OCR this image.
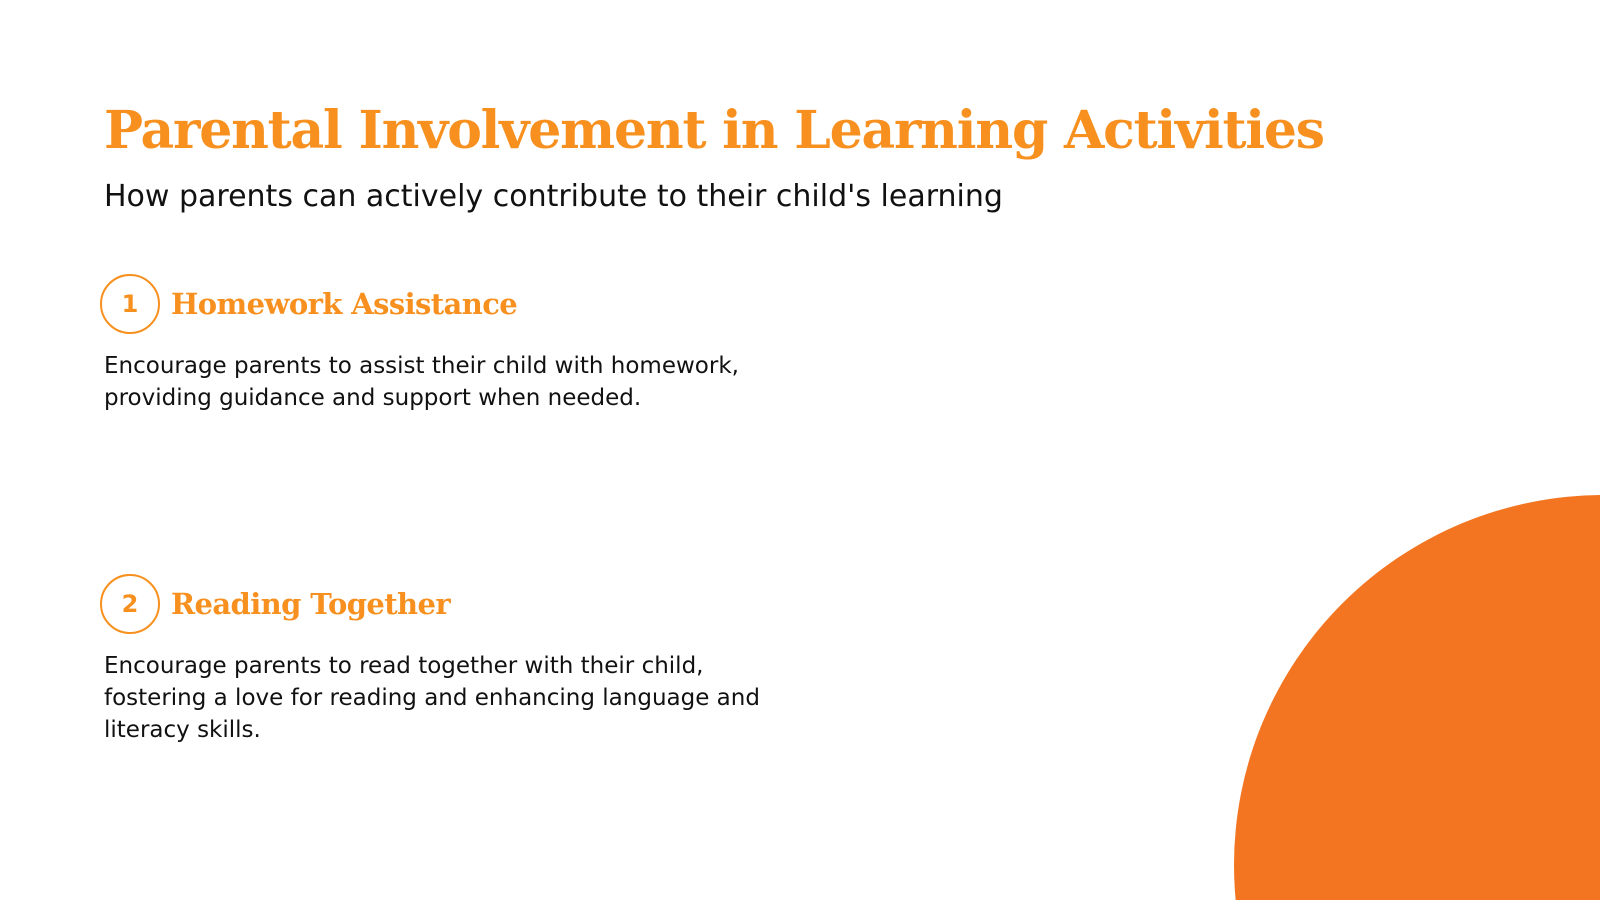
Parental Involvement in Learning Activities

How parents can actively contribute to their child's learning

1	Homework Assistance

Encourage parents to assist their child with homework, providing guidance and support when needed.

2	Reading Together

Encourage parents to read together with their child, fostering a love for reading and enhancing language and literacy skills.
